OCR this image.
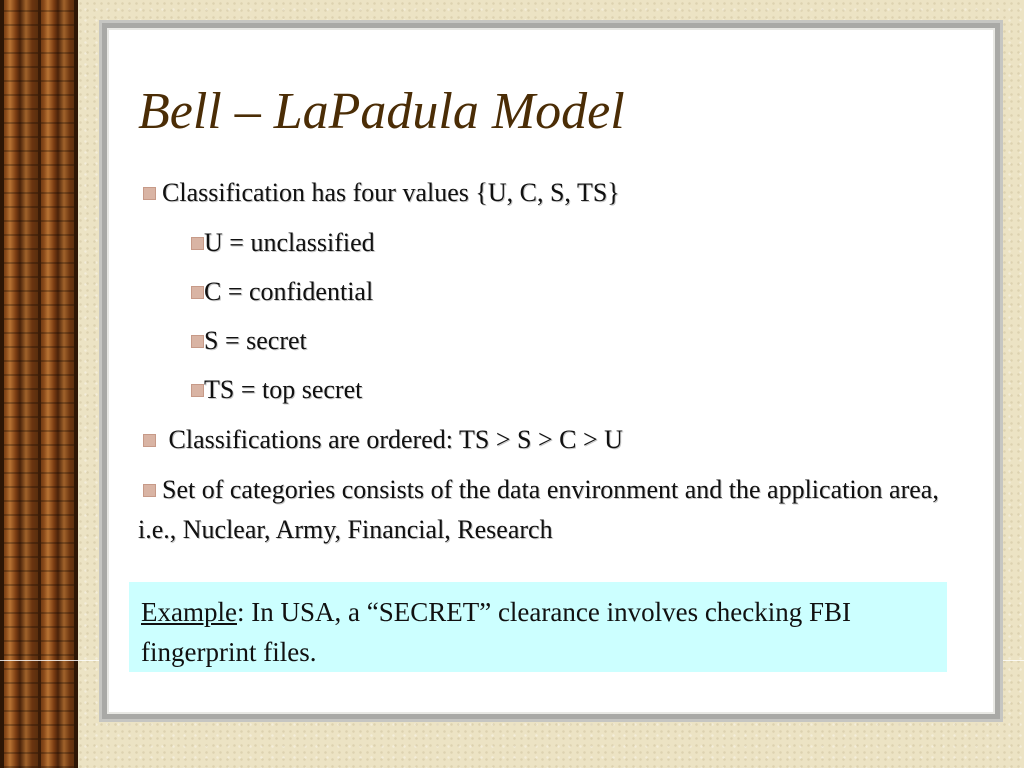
Bell – LaPadula Model
Classification has four values {U, C, S, TS}
U = unclassified
C = confidential
S = secret
TS = top secret
Classifications are ordered: TS > S > C > U
Set of categories consists of the data environment and the application area, i.e., Nuclear, Army, Financial, Research
Example: In USA, a “SECRET” clearance involves checking FBI fingerprint files.
